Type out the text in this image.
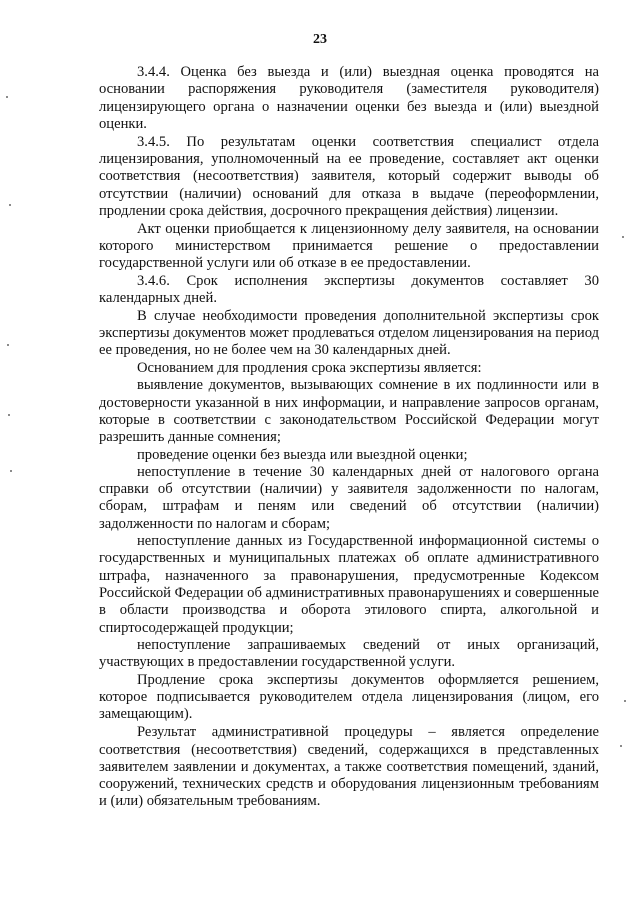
23

3.4.4. Оценка без выезда и (или) выездная оценка проводятся на основании распоряжения руководителя (заместителя руководителя) лицензирующего органа о назначении оценки без выезда и (или) выездной оценки.

3.4.5. По результатам оценки соответствия специалист отдела лицензирования, уполномоченный на ее проведение, составляет акт оценки соответствия (несоответствия) заявителя, который содержит выводы об отсутствии (наличии) оснований для отказа в выдаче (переоформлении, продлении срока действия, досрочного прекращения действия) лицензии.

Акт оценки приобщается к лицензионному делу заявителя, на основании которого министерством принимается решение о предоставлении государственной услуги или об отказе в ее предоставлении.

3.4.6. Срок исполнения экспертизы документов составляет 30 календарных дней.

В случае необходимости проведения дополнительной экспертизы срок экспертизы документов может продлеваться отделом лицензирования на период ее проведения, но не более чем на 30 календарных дней.

Основанием для продления срока экспертизы является:

выявление документов, вызывающих сомнение в их подлинности или в достоверности указанной в них информации, и направление запросов органам, которые в соответствии с законодательством Российской Федерации могут разрешить данные сомнения;

проведение оценки без выезда или выездной оценки;

непоступление в течение 30 календарных дней от налогового органа справки об отсутствии (наличии) у заявителя задолженности по налогам, сборам, штрафам и пеням или сведений об отсутствии (наличии) задолженности по налогам и сборам;

непоступление данных из Государственной информационной системы о государственных и муниципальных платежах об оплате административного штрафа, назначенного за правонарушения, предусмотренные Кодексом Российской Федерации об административных правонарушениях и совершенные в области производства и оборота этилового спирта, алкогольной и спиртосодержащей продукции;

непоступление запрашиваемых сведений от иных организаций, участвующих в предоставлении государственной услуги.

Продление срока экспертизы документов оформляется решением, которое подписывается руководителем отдела лицензирования (лицом, его замещающим).

Результат административной процедуры – является определение соответствия (несоответствия) сведений, содержащихся в представленных заявителем заявлении и документах, а также соответствия помещений, зданий, сооружений, технических средств и оборудования лицензионным требованиям и (или) обязательным требованиям.
